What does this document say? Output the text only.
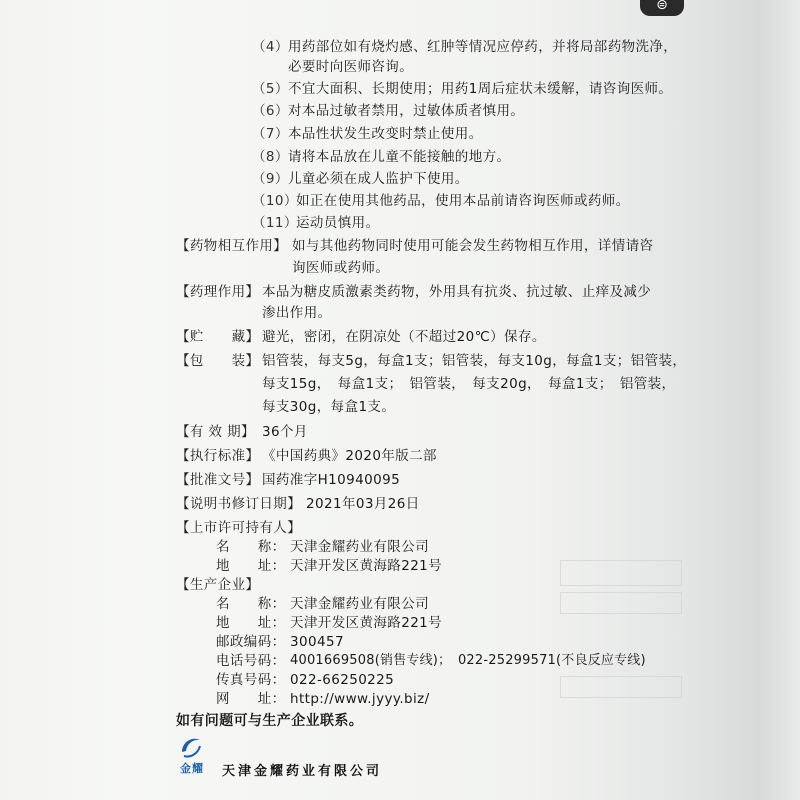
⊜
（4） 用药部位如有烧灼感、红肿等情况应停药，并将局部药物洗净，
必要时向医师咨询。
（5） 不宜大面积、长期使用；用药1周后症状未缓解，请咨询医师。
（6） 对本品过敏者禁用，过敏体质者慎用。
（7） 本品性状发生改变时禁止使用。
（8） 请将本品放在儿童不能接触的地方。
（9） 儿童必须在成人监护下使用。
（10）
如正在使用其他药品，使用本品前请咨询医师或药师。
（11）
运动员慎用。
【药物相互作用】 如与其他药物同时使用可能会发生药物相互作用，详情请咨
询医师或药师。
【药理作用】 本品为糖皮质激素类药物，外用具有抗炎、抗过敏、止痒及减少
渗出作用。
【贮　　藏】 避光，密闭，在阴凉处（不超过20℃）保存。
【包　　装】 铝管装，每支5g，每盒1支；铝管装，每支10g，每盒1支；铝管装，
每支15g，　每盒1支；　铝管装，　每支20g，　每盒1支；　铝管装，
每支30g，每盒1支。
【有 效 期】 36个月
【执行标准】 《中国药典》2020年版二部
【批准文号】 国药准字H10940095
【说明书修订日期】 2021年03月26日
【上市许可持有人】
名　　称： 天津金耀药业有限公司
地　　址： 天津开发区黄海路221号
【生产企业】
名　　称： 天津金耀药业有限公司
地　　址： 天津开发区黄海路221号
邮政编码： 300457
电话号码： 4001669508(销售专线)；　022-25299571(不良反应专线)
传真号码： 022-66250225
网　　址： http://www.jyyy.biz/
如有问题可与生产企业联系。
金耀 天津金耀药业有限公司
